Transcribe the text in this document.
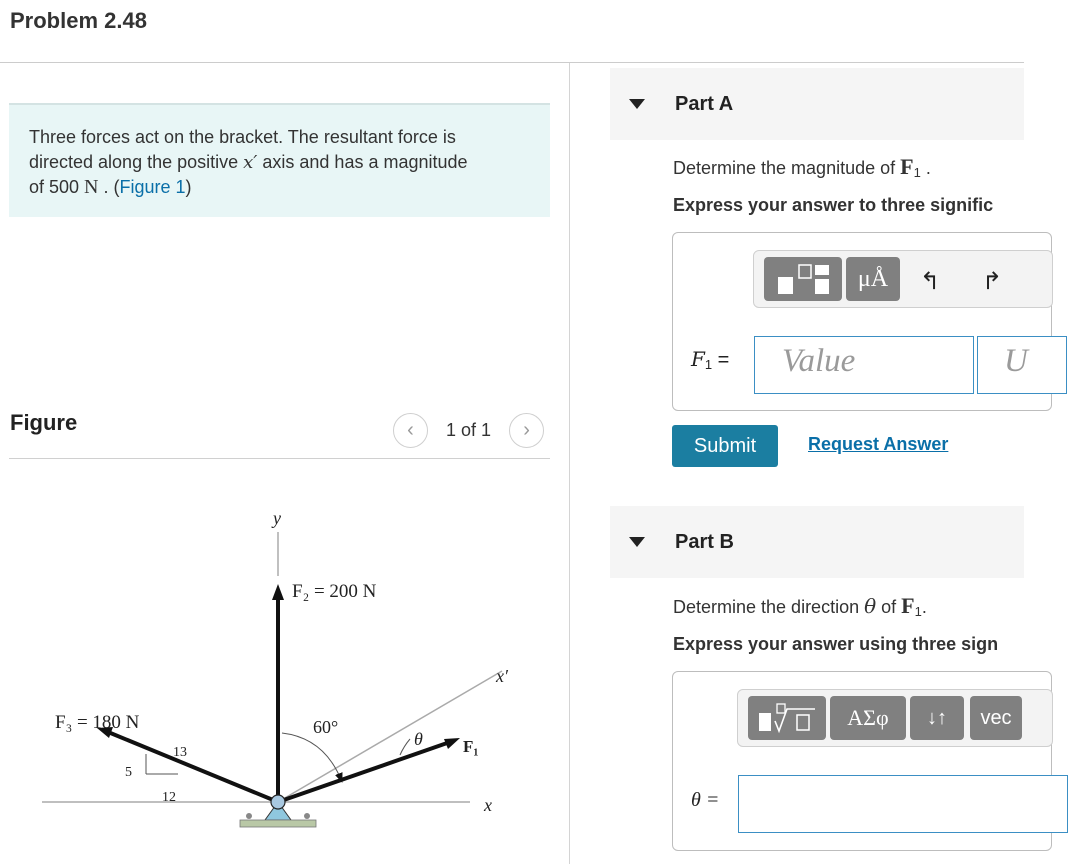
Problem 2.48
Three forces act on the bracket. The resultant force is
directed along the positive x′ axis and has a magnitude
of 500 N . (Figure 1)
Figure	‹	1 of 1	›
y
x
x′
F₂ = 200 N
F₃ = 180 N
F₁
60°
θ
13
5
12
Part A
Determine the magnitude of $F_1$ .
Express your answer to three signific
μÅ	↰ ↱
$F_1$ = Value	U
Submit	Request Answer
Part B
Determine the direction θ of $F_1$.
Express your answer using three sign
ΑΣφ	↓↑	vec
θ =
